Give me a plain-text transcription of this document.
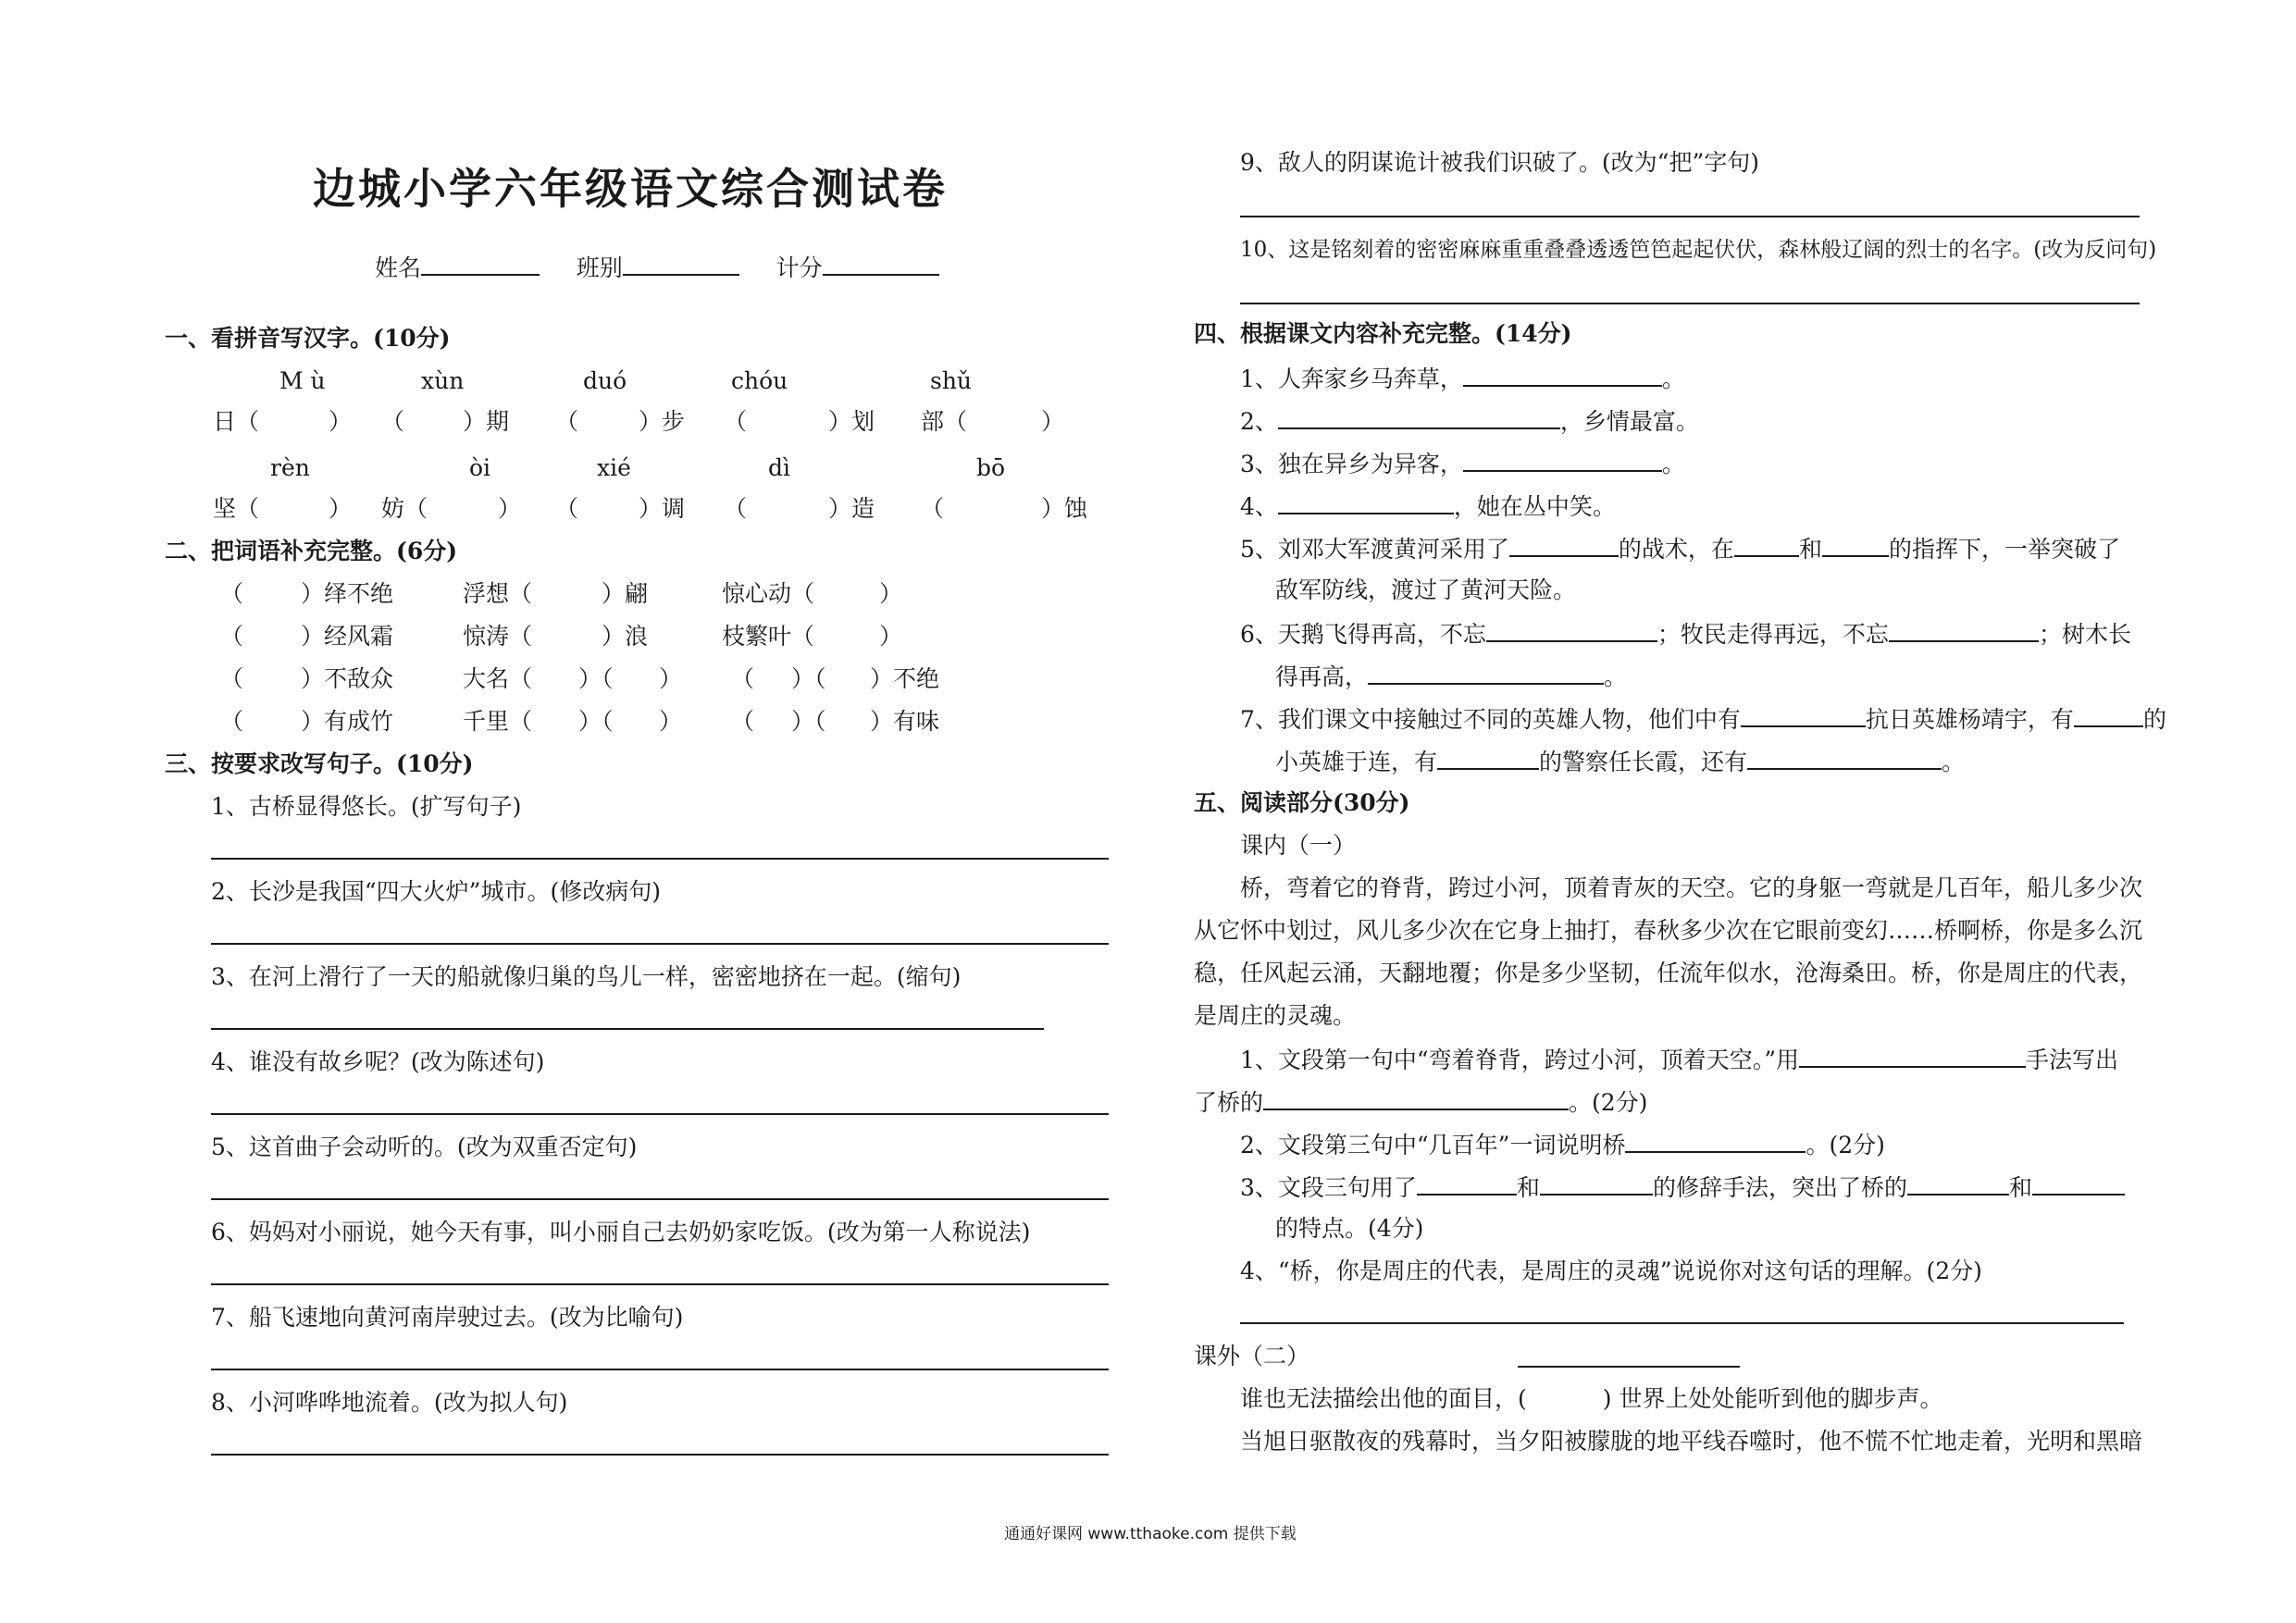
边城小学六年级语文综合测试卷
姓名	班别	计分
一、看拼音写汉字。(10分)
M ù	xùn	duó	chóu	shǔ
日（	） （	）期 （	）步 （	）划 部（	）
rèn	òi	xié	dì	bō
坚（	） 妨（	） （	）调 （	）造 （	）蚀
二、把词语补充完整。(6分)
（ ）绎不绝	浮想（	）翩	惊心动（	）
（ ）经风霜	惊涛（	）浪	枝繁叶（	）
（ ）不敌众	大名（ ）（ ） （ ）（ ）不绝
（ ）有成竹	千里（ ）（ ） （ ）（ ）有味
三、按要求改写句子。(10分)
1、古桥显得悠长。(扩写句子)
2、长沙是我国“四大火炉”城市。(修改病句)
3、在河上滑行了一天的船就像归巢的鸟儿一样，密密地挤在一起。(缩句)
4、谁没有故乡呢？(改为陈述句)
5、这首曲子会动听的。(改为双重否定句)
6、妈妈对小丽说，她今天有事，叫小丽自己去奶奶家吃饭。(改为第一人称说法)
7、船飞速地向黄河南岸驶过去。(改为比喻句)
8、小河哗哗地流着。(改为拟人句)
9、敌人的阴谋诡计被我们识破了。(改为“把”字句)
10、这是铭刻着的密密麻麻重重叠叠透透笆笆起起伏伏，森林般辽阔的烈士的名字。(改为反问句)
四、根据课文内容补充完整。(14分)
1、人奔家乡马奔草，	。
2、	，乡情最富。
3、独在异乡为异客，	。
4、	，她在丛中笑。
5、刘邓大军渡黄河采用了	的战术，在	和	的指挥下，一举突破了
敌军防线，渡过了黄河天险。
6、天鹅飞得再高，不忘	；牧民走得再远，不忘	；树木长
得再高，	。
7、我们课文中接触过不同的英雄人物，他们中有	抗日英雄杨靖宇，有	的
小英雄于连，有	的警察任长霞，还有	。
五、阅读部分(30分)
课内（一）
桥，弯着它的脊背，跨过小河，顶着青灰的天空。它的身躯一弯就是几百年，船儿多少次
从它怀中划过，风儿多少次在它身上抽打，春秋多少次在它眼前变幻……桥啊桥，你是多么沉
稳，任风起云涌，天翻地覆；你是多少坚韧，任流年似水，沧海桑田。桥，你是周庄的代表，
是周庄的灵魂。
1、文段第一句中“弯着脊背，跨过小河，顶着天空。”用	手法写出
了桥的	。(2分)
2、文段第三句中“几百年”一词说明桥	。(2分)
3、文段三句用了	和	的修辞手法，突出了桥的	和
的特点。(4分)
4、“桥，你是周庄的代表，是周庄的灵魂”说说你对这句话的理解。(2分)
课外（二）
谁也无法描绘出他的面目，(	) 世界上处处能听到他的脚步声。
当旭日驱散夜的残幕时，当夕阳被朦胧的地平线吞噬时，他不慌不忙地走着，光明和黑暗
通通好课网 www.tthaoke.com 提供下载
